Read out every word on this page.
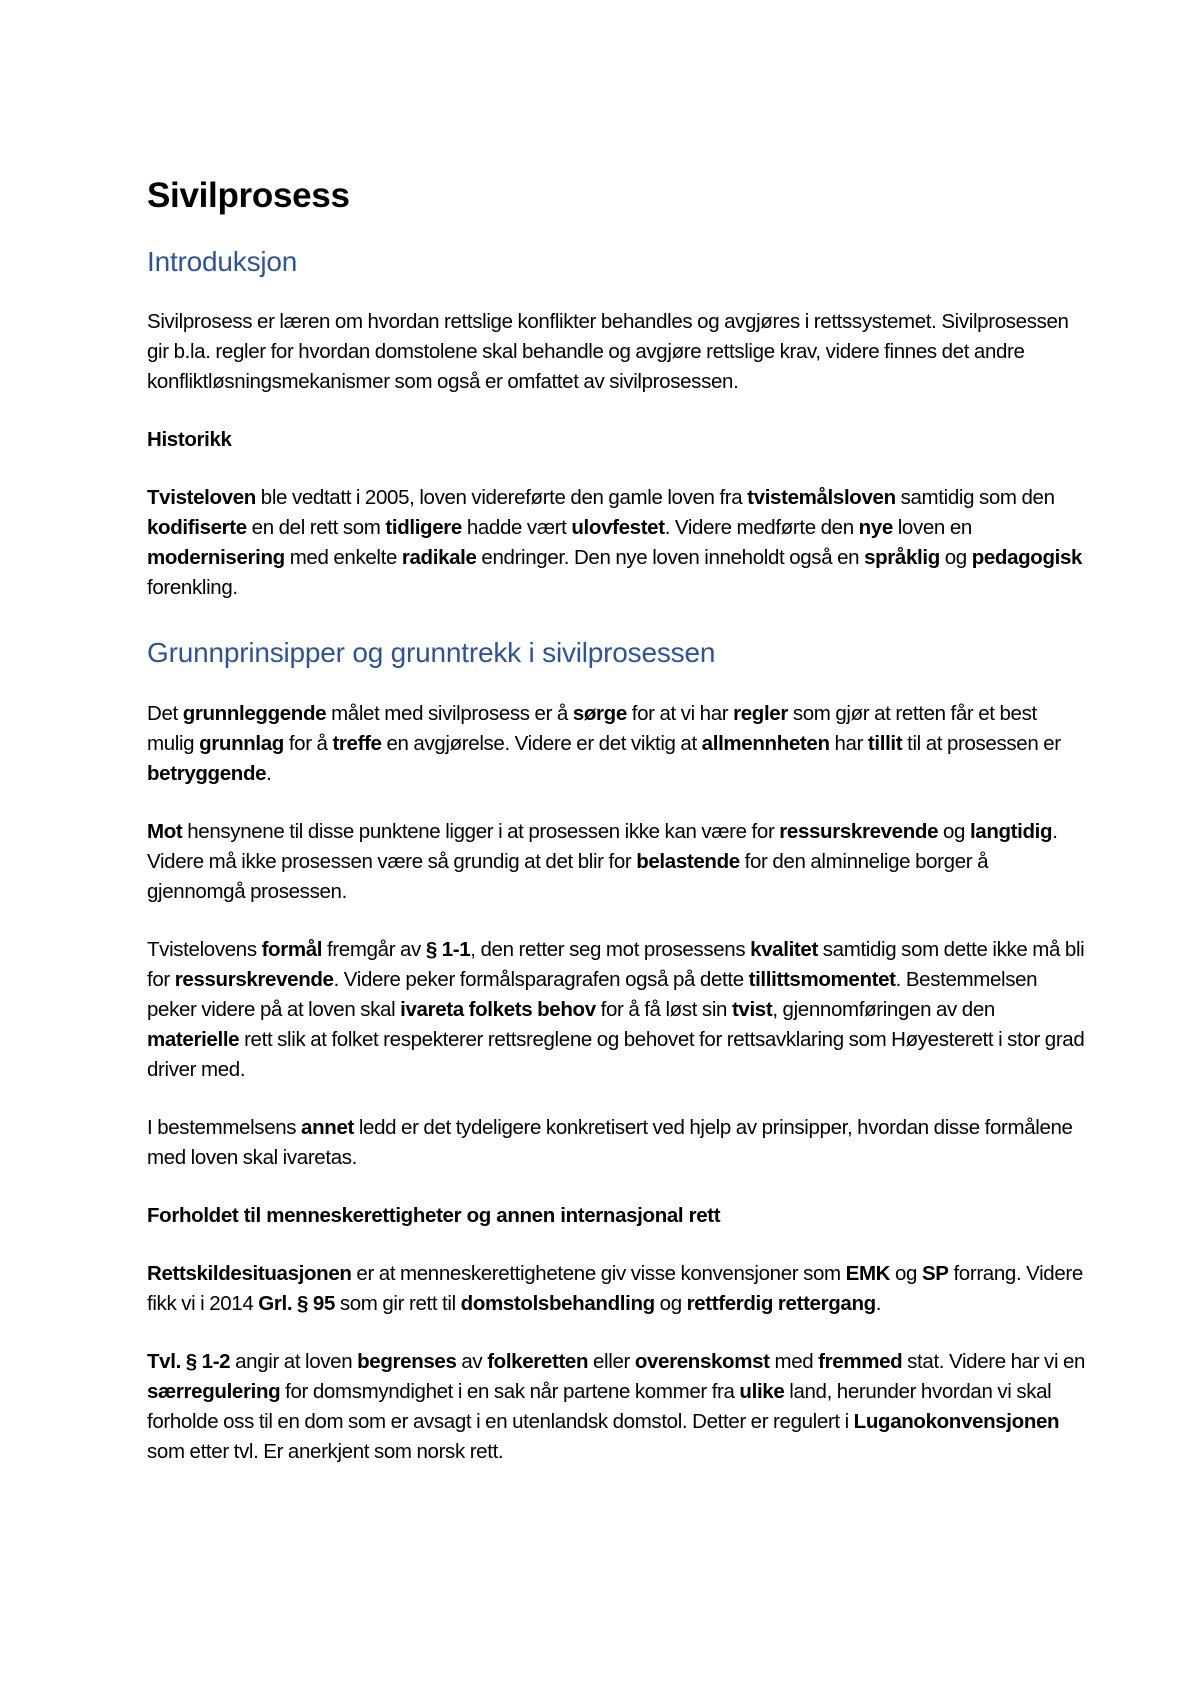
Sivilprosess
Introduksjon
Sivilprosess er læren om hvordan rettslige konflikter behandles og avgjøres i rettssystemet. Sivilprosessen gir b.la. regler for hvordan domstolene skal behandle og avgjøre rettslige krav, videre finnes det andre konfliktløsningsmekanismer som også er omfattet av sivilprosessen.
Historikk
Tvisteloven ble vedtatt i 2005, loven videreførte den gamle loven fra tvistemålsloven samtidig som den kodifiserte en del rett som tidligere hadde vært ulovfestet. Videre medførte den nye loven en modernisering med enkelte radikale endringer. Den nye loven inneholdt også en språklig og pedagogisk forenkling.
Grunnprinsipper og grunntrekk i sivilprosessen
Det grunnleggende målet med sivilprosess er å sørge for at vi har regler som gjør at retten får et best mulig grunnlag for å treffe en avgjørelse. Videre er det viktig at allmennheten har tillit til at prosessen er betryggende.
Mot hensynene til disse punktene ligger i at prosessen ikke kan være for ressurskrevende og langtidig. Videre må ikke prosessen være så grundig at det blir for belastende for den alminnelige borger å gjennomgå prosessen.
Tvistelovens formål fremgår av § 1-1, den retter seg mot prosessens kvalitet samtidig som dette ikke må bli for ressurskrevende. Videre peker formålsparagrafen også på dette tillittsmomentet. Bestemmelsen peker videre på at loven skal ivareta folkets behov for å få løst sin tvist, gjennomføringen av den materielle rett slik at folket respekterer rettsreglene og behovet for rettsavklaring som Høyesterett i stor grad driver med.
I bestemmelsens annet ledd er det tydeligere konkretisert ved hjelp av prinsipper, hvordan disse formålene med loven skal ivaretas.
Forholdet til menneskerettigheter og annen internasjonal rett
Rettskildesituasjonen er at menneskerettighetene giv visse konvensjoner som EMK og SP forrang. Videre fikk vi i 2014 Grl. § 95 som gir rett til domstolsbehandling og rettferdig rettergang.
Tvl. § 1-2 angir at loven begrenses av folkeretten eller overenskomst med fremmed stat. Videre har vi en særregulering for domsmyndighet i en sak når partene kommer fra ulike land, herunder hvordan vi skal forholde oss til en dom som er avsagt i en utenlandsk domstol. Detter er regulert i Luganokonvensjonen som etter tvl. Er anerkjent som norsk rett.
